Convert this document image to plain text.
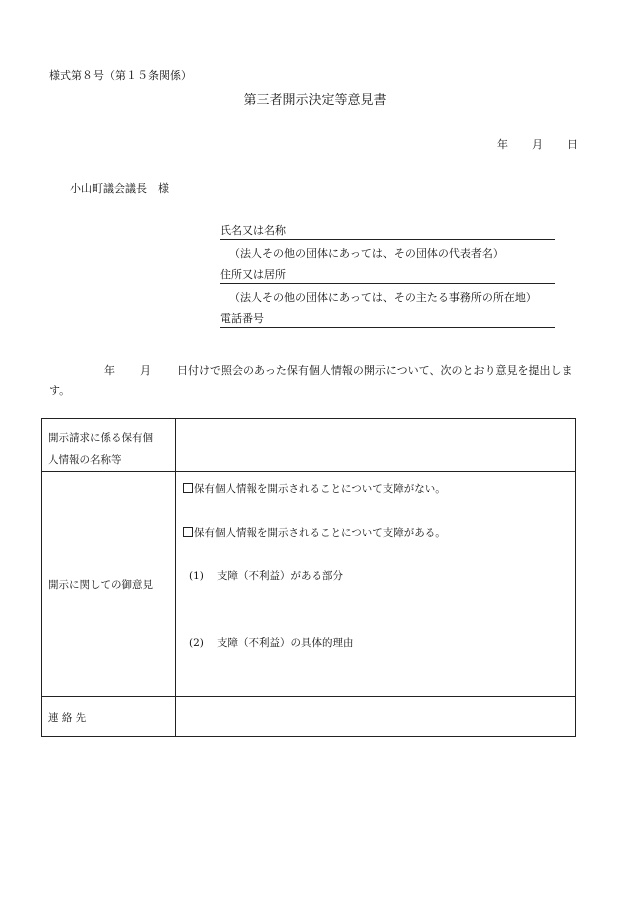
様式第８号（第１５条関係）
第三者開示決定等意見書
年 月 日
小山町議会議長　様
氏名又は名称
（法人その他の団体にあっては、その団体の代表者名）
住所又は居所
（法人その他の団体にあっては、その主たる事務所の所在地）
電話番号
年 月 日付けで照会のあった保有個人情報の開示について、次のとおり意見を提出します。
開示請求に係る保有個
人情報の名称等	

開示に関しての御意見	保有個人情報を開示されることについて支障がない。
保有個人情報を開示されることについて支障がある。
(1) 支障（不利益）がある部分
(2) 支障（不利益）の具体的理由

連 絡 先	
